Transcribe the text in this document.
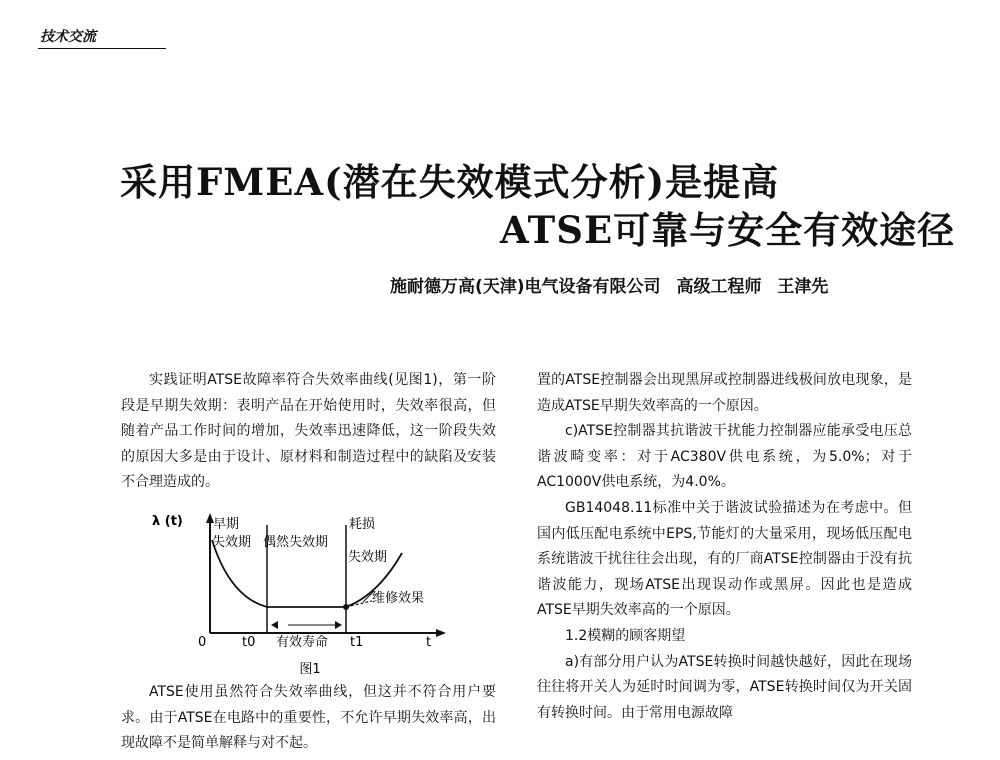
技术交流
采用FMEA(潜在失效模式分析)是提高
ATSE可靠与安全有效途径
施耐德万高(天津)电气设备有限公司 高级工程师 王津先

实践证明ATSE故障率符合失效率曲线(见图1)，第一阶段是早期失效期：表明产品在开始使用时，失效率很高，但随着产品工作时间的增加，失效率迅速降低，这一阶段失效的原因大多是由于设计、原材料和制造过程中的缺陷及安装不合理造成的。

λ (t) 早期
失效期 偶然失效期
耗损
失效期
维修效果
0	t0 有效寿命 t1	t
图1

ATSE使用虽然符合失效率曲线，但这并不符合用户要求。由于ATSE在电路中的重要性，不允许早期失效率高，出现故障不是简单解释与对不起。

置的ATSE控制器会出现黑屏或控制器进线极间放电现象，是造成ATSE早期失效率高的一个原因。

c)ATSE控制器其抗谐波干扰能力控制器应能承受电压总谐波畸变率：对于AC380V供电系统，为5.0%；对于AC1000V供电系统，为4.0%。

GB14048.11标准中关于谐波试验描述为在考虑中。但国内低压配电系统中EPS,节能灯的大量采用，现场低压配电系统谐波干扰往往会出现，有的厂商ATSE控制器由于没有抗谐波能力，现场ATSE出现误动作或黑屏。因此也是造成ATSE早期失效率高的一个原因。

1.2模糊的顾客期望

a)有部分用户认为ATSE转换时间越快越好，因此在现场往往将开关人为延时时间调为零，ATSE转换时间仅为开关固有转换时间。由于常用电源故障
